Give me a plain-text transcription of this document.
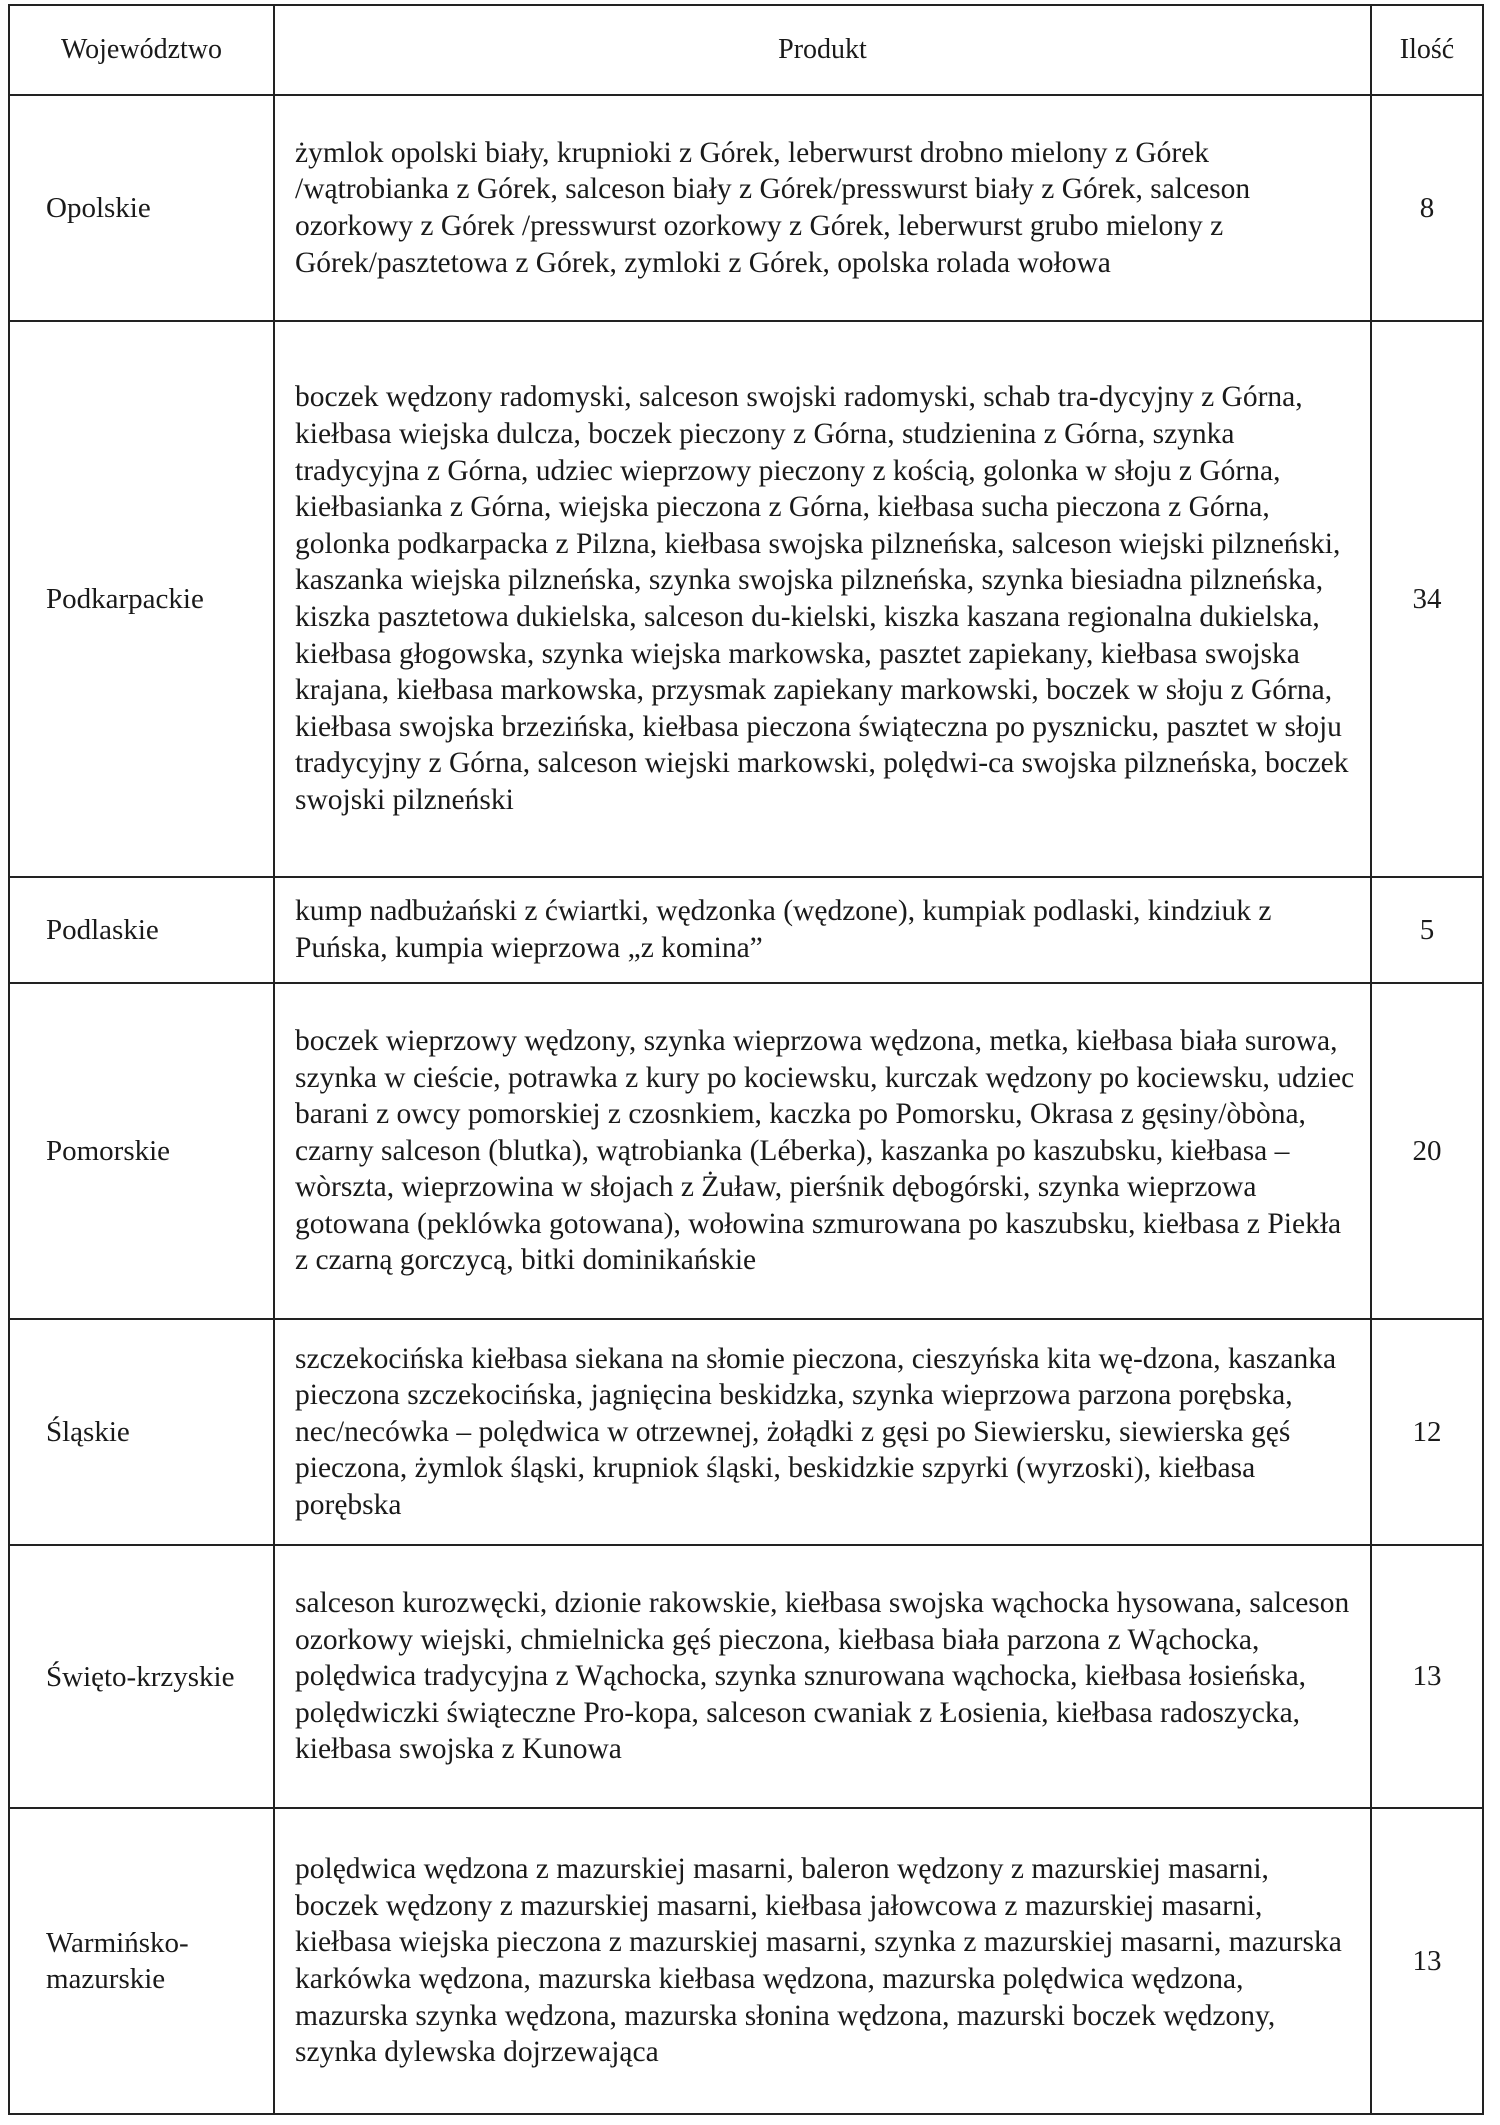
Województwo	Produkt	Ilość
Opolskie	żymlok opolski biały, krupnioki z Górek, leberwurst drobno mielony z Górek /wątrobianka z Górek, salceson biały z Górek/presswurst biały z Górek, salceson ozorkowy z Górek /presswurst ozorkowy z Górek, leberwurst grubo mielony z Górek/pasztetowa z Górek, zymloki z Górek, opolska rolada wołowa	8
Podkarpackie	boczek wędzony radomyski, salceson swojski radomyski, schab tra-dycyjny z Górna, kiełbasa wiejska dulcza, boczek pieczony z Górna, studzienina z Górna, szynka tradycyjna z Górna, udziec wieprzowy pieczony z kością, golonka w słoju z Górna, kiełbasianka z Górna, wiejska pieczona z Górna, kiełbasa sucha pieczona z Górna, golonka podkarpacka z Pilzna, kiełbasa swojska pilzneńska, salceson wiejski pilzneński, kaszanka wiejska pilzneńska, szynka swojska pilzneńska, szynka biesiadna pilzneńska, kiszka pasztetowa dukielska, salceson du-kielski, kiszka kaszana regionalna dukielska, kiełbasa głogowska, szynka wiejska markowska, pasztet zapiekany, kiełbasa swojska krajana, kiełbasa markowska, przysmak zapiekany markowski, boczek w słoju z Górna, kiełbasa swojska brzezińska, kiełbasa pieczona świąteczna po pysznicku, pasztet w słoju tradycyjny z Górna, salceson wiejski markowski, polędwi-ca swojska pilzneńska, boczek swojski pilzneński	34
Podlaskie	kump nadbużański z ćwiartki, wędzonka (wędzone), kumpiak podlaski, kindziuk z Puńska, kumpia wieprzowa „z komina”	5
Pomorskie	boczek wieprzowy wędzony, szynka wieprzowa wędzona, metka, kiełbasa biała surowa, szynka w cieście, potrawka z kury po kociewsku, kurczak wędzony po kociewsku, udziec barani z owcy pomorskiej z czosnkiem, kaczka po Pomorsku, Okrasa z gęsiny/òbòna, czarny salceson (blutka), wątrobianka (Léberka), kaszanka po kaszubsku, kiełbasa – wòrszta, wieprzowina w słojach z Żuław, pierśnik dębogórski, szynka wieprzowa gotowana (peklówka gotowana), wołowina szmurowana po kaszubsku, kiełbasa z Piekła z czarną gorczycą, bitki dominikańskie	20
Śląskie	szczekocińska kiełbasa siekana na słomie pieczona, cieszyńska kita wę-dzona, kaszanka pieczona szczekocińska, jagnięcina beskidzka, szynka wieprzowa parzona porębska, nec/necówka – polędwica w otrzewnej, żołądki z gęsi po Siewiersku, siewierska gęś pieczona, żymlok śląski, krupniok śląski, beskidzkie szpyrki (wyrzoski), kiełbasa porębska	12
Święto-krzyskie	salceson kurozwęcki, dzionie rakowskie, kiełbasa swojska wąchocka hysowana, salceson ozorkowy wiejski, chmielnicka gęś pieczona, kiełbasa biała parzona z Wąchocka, polędwica tradycyjna z Wąchocka, szynka sznurowana wąchocka, kiełbasa łosieńska, polędwiczki świąteczne Pro-kopa, salceson cwaniak z Łosienia, kiełbasa radoszycka, kiełbasa swojska z Kunowa	13
Warmińsko-mazurskie	polędwica wędzona z mazurskiej masarni, baleron wędzony z mazurskiej masarni, boczek wędzony z mazurskiej masarni, kiełbasa jałowcowa z mazurskiej masarni, kiełbasa wiejska pieczona z mazurskiej masarni, szynka z mazurskiej masarni, mazurska karkówka wędzona, mazurska kiełbasa wędzona, mazurska polędwica wędzona, mazurska szynka wędzona, mazurska słonina wędzona, mazurski boczek wędzony, szynka dylewska dojrzewająca	13
